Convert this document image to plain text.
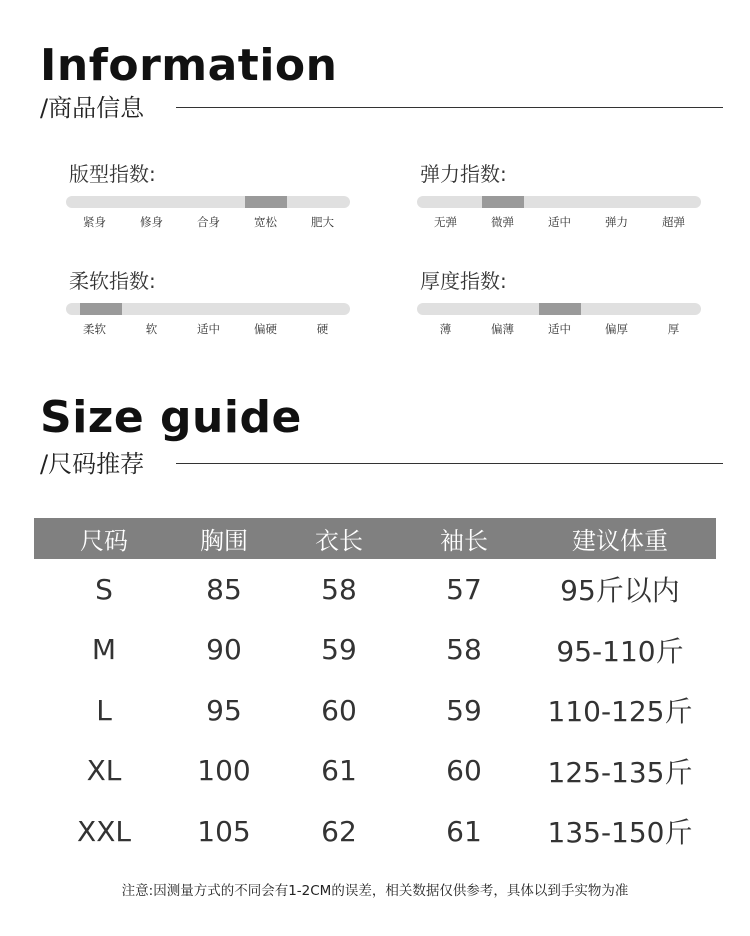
Information
/商品信息
版型指数:
紧身	修身	合身	宽松	肥大
弹力指数:
无弹	微弹	适中	弹力	超弹
柔软指数:
柔软	软	适中	偏硬	硬
厚度指数:
薄	偏薄	适中	偏厚	厚
Size guide
/尺码推荐
尺码	胸围	衣长	袖长	建议体重
S	85	58	57	95斤以内
M	90	59	58	95-110斤
L	95	60	59	110-125斤
XL	100	61	60	125-135斤
XXL	105	62	61	135-150斤
注意:因测量方式的不同会有1-2CM的误差，相关数据仅供参考，具体以到手实物为准
